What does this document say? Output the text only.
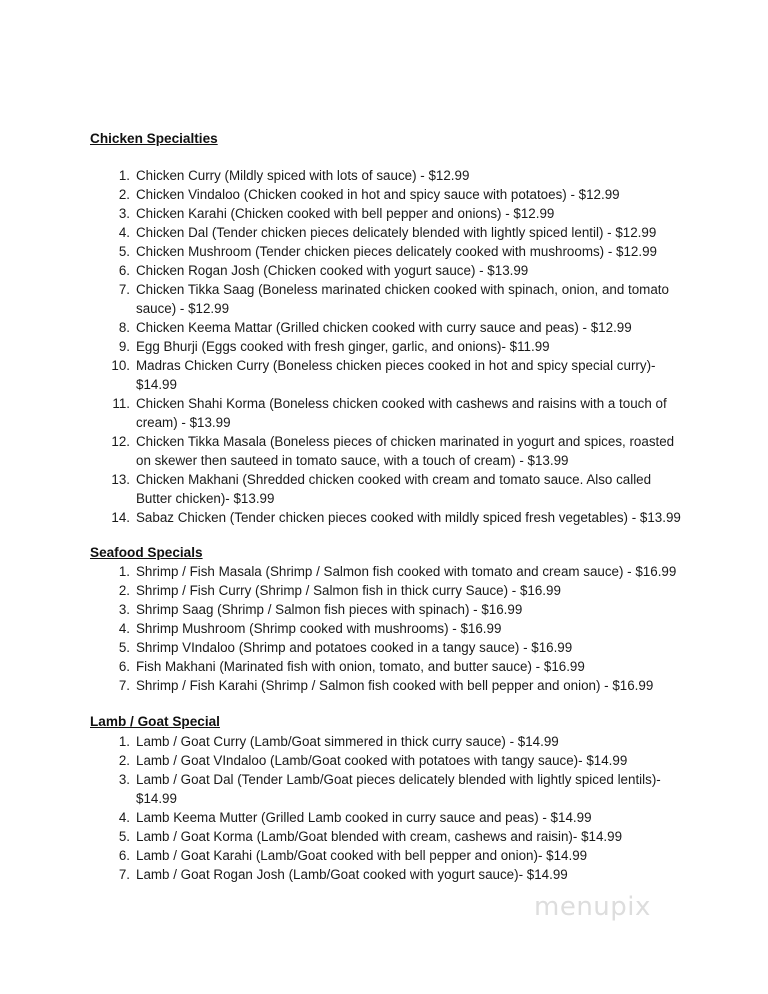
Chicken Specialties
1. Chicken Curry (Mildly spiced with lots of sauce) - $12.99
2. Chicken Vindaloo (Chicken cooked in hot and spicy sauce with potatoes) - $12.99
3. Chicken Karahi (Chicken cooked with bell pepper and onions) - $12.99
4. Chicken Dal (Tender chicken pieces delicately blended with lightly spiced lentil) - $12.99
5. Chicken Mushroom (Tender chicken pieces delicately cooked with mushrooms) - $12.99
6. Chicken Rogan Josh (Chicken cooked with yogurt sauce) - $13.99
7. Chicken Tikka Saag (Boneless marinated chicken cooked with spinach, onion, and tomato sauce) - $12.99
8. Chicken Keema Mattar (Grilled chicken cooked with curry sauce and peas) - $12.99
9. Egg Bhurji (Eggs cooked with fresh ginger, garlic, and onions)- $11.99
10. Madras Chicken Curry (Boneless chicken pieces cooked in hot and spicy special curry)- $14.99
11. Chicken Shahi Korma (Boneless chicken cooked with cashews and raisins with a touch of cream) - $13.99
12. Chicken Tikka Masala (Boneless pieces of chicken marinated in yogurt and spices, roasted on skewer then sauteed in tomato sauce, with a touch of cream) - $13.99
13. Chicken Makhani (Shredded chicken cooked with cream and tomato sauce. Also called Butter chicken)- $13.99
14. Sabaz Chicken (Tender chicken pieces cooked with mildly spiced fresh vegetables) - $13.99
Seafood Specials
1. Shrimp / Fish Masala (Shrimp / Salmon fish cooked with tomato and cream sauce) - $16.99
2. Shrimp / Fish Curry (Shrimp / Salmon fish in thick curry Sauce) - $16.99
3. Shrimp Saag (Shrimp / Salmon fish pieces with spinach) - $16.99
4. Shrimp Mushroom (Shrimp cooked with mushrooms) - $16.99
5. Shrimp VIndaloo (Shrimp and potatoes cooked in a tangy sauce) - $16.99
6. Fish Makhani (Marinated fish with onion, tomato, and butter sauce) - $16.99
7. Shrimp / Fish Karahi (Shrimp / Salmon fish cooked with bell pepper and onion) - $16.99
Lamb / Goat Special
1. Lamb / Goat Curry (Lamb/Goat simmered in thick curry sauce) - $14.99
2. Lamb / Goat VIndaloo (Lamb/Goat cooked with potatoes with tangy sauce)- $14.99
3. Lamb / Goat Dal (Tender Lamb/Goat pieces delicately blended with lightly spiced lentils)- $14.99
4. Lamb Keema Mutter (Grilled Lamb cooked in curry sauce and peas) - $14.99
5. Lamb / Goat Korma (Lamb/Goat blended with cream, cashews and raisin)- $14.99
6. Lamb / Goat Karahi (Lamb/Goat cooked with bell pepper and onion)- $14.99
7. Lamb / Goat Rogan Josh (Lamb/Goat cooked with yogurt sauce)- $14.99
menupix
